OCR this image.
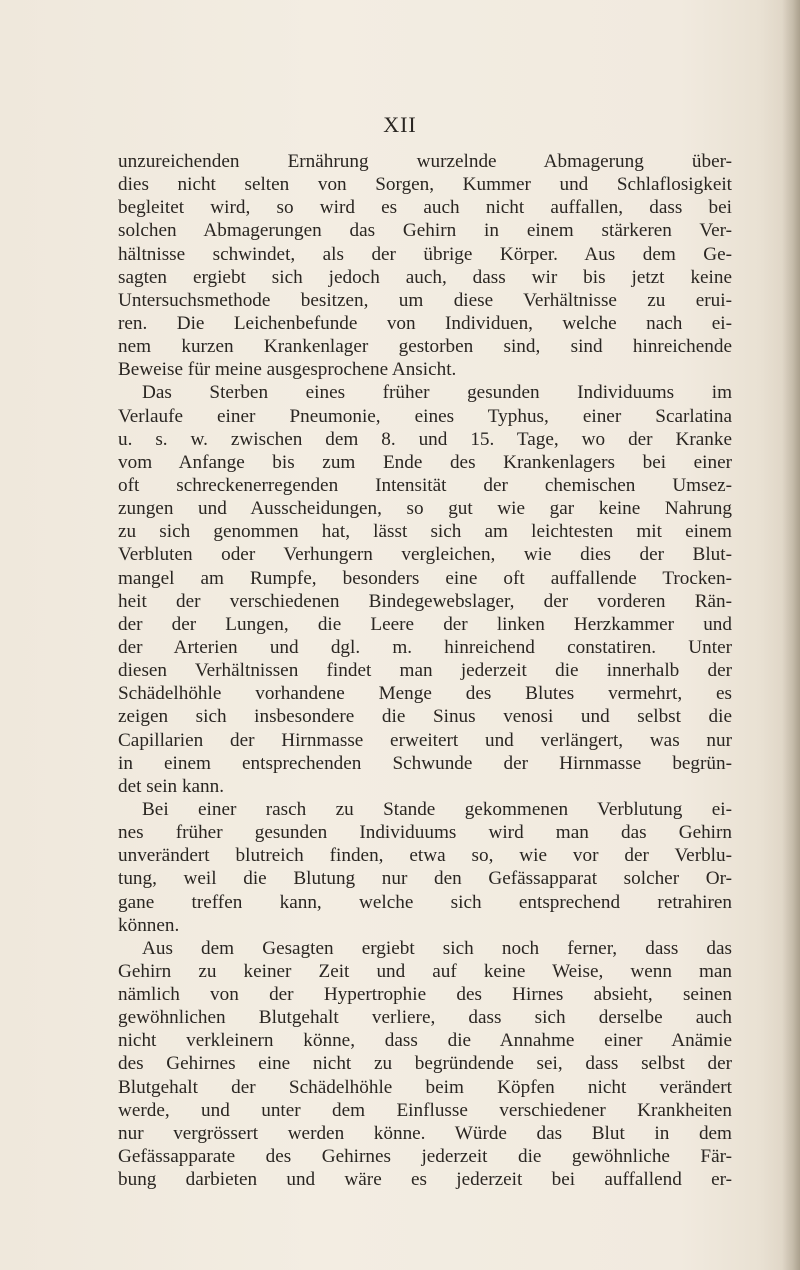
XII
unzureichenden Ernährung wurzelnde Abmagerung über-
dies nicht selten von Sorgen, Kummer und Schlaflosigkeit
begleitet wird, so wird es auch nicht auffallen, dass bei
solchen Abmagerungen das Gehirn in einem stärkeren Ver-
hältnisse schwindet, als der übrige Körper. Aus dem Ge-
sagten ergiebt sich jedoch auch, dass wir bis jetzt keine
Untersuchsmethode besitzen, um diese Verhältnisse zu erui-
ren. Die Leichenbefunde von Individuen, welche nach ei-
nem kurzen Krankenlager gestorben sind, sind hinreichende
Beweise für meine ausgesprochene Ansicht.
Das Sterben eines früher gesunden Individuums im
Verlaufe einer Pneumonie, eines Typhus, einer Scarlatina
u. s. w. zwischen dem 8. und 15. Tage, wo der Kranke
vom Anfange bis zum Ende des Krankenlagers bei einer
oft schreckenerregenden Intensität der chemischen Umsez-
zungen und Ausscheidungen, so gut wie gar keine Nahrung
zu sich genommen hat, lässt sich am leichtesten mit einem
Verbluten oder Verhungern vergleichen, wie dies der Blut-
mangel am Rumpfe, besonders eine oft auffallende Trocken-
heit der verschiedenen Bindegewebslager, der vorderen Rän-
der der Lungen, die Leere der linken Herzkammer und
der Arterien und dgl. m. hinreichend constatiren. Unter
diesen Verhältnissen findet man jederzeit die innerhalb der
Schädelhöhle vorhandene Menge des Blutes vermehrt, es
zeigen sich insbesondere die Sinus venosi und selbst die
Capillarien der Hirnmasse erweitert und verlängert, was nur
in einem entsprechenden Schwunde der Hirnmasse begrün-
det sein kann.
Bei einer rasch zu Stande gekommenen Verblutung ei-
nes früher gesunden Individuums wird man das Gehirn
unverändert blutreich finden, etwa so, wie vor der Verblu-
tung, weil die Blutung nur den Gefässapparat solcher Or-
gane treffen kann, welche sich entsprechend retrahiren
können.
Aus dem Gesagten ergiebt sich noch ferner, dass das
Gehirn zu keiner Zeit und auf keine Weise, wenn man
nämlich von der Hypertrophie des Hirnes absieht, seinen
gewöhnlichen Blutgehalt verliere, dass sich derselbe auch
nicht verkleinern könne, dass die Annahme einer Anämie
des Gehirnes eine nicht zu begründende sei, dass selbst der
Blutgehalt der Schädelhöhle beim Köpfen nicht verändert
werde, und unter dem Einflusse verschiedener Krankheiten
nur vergrössert werden könne. Würde das Blut in dem
Gefässapparate des Gehirnes jederzeit die gewöhnliche Fär-
bung darbieten und wäre es jederzeit bei auffallend er-
